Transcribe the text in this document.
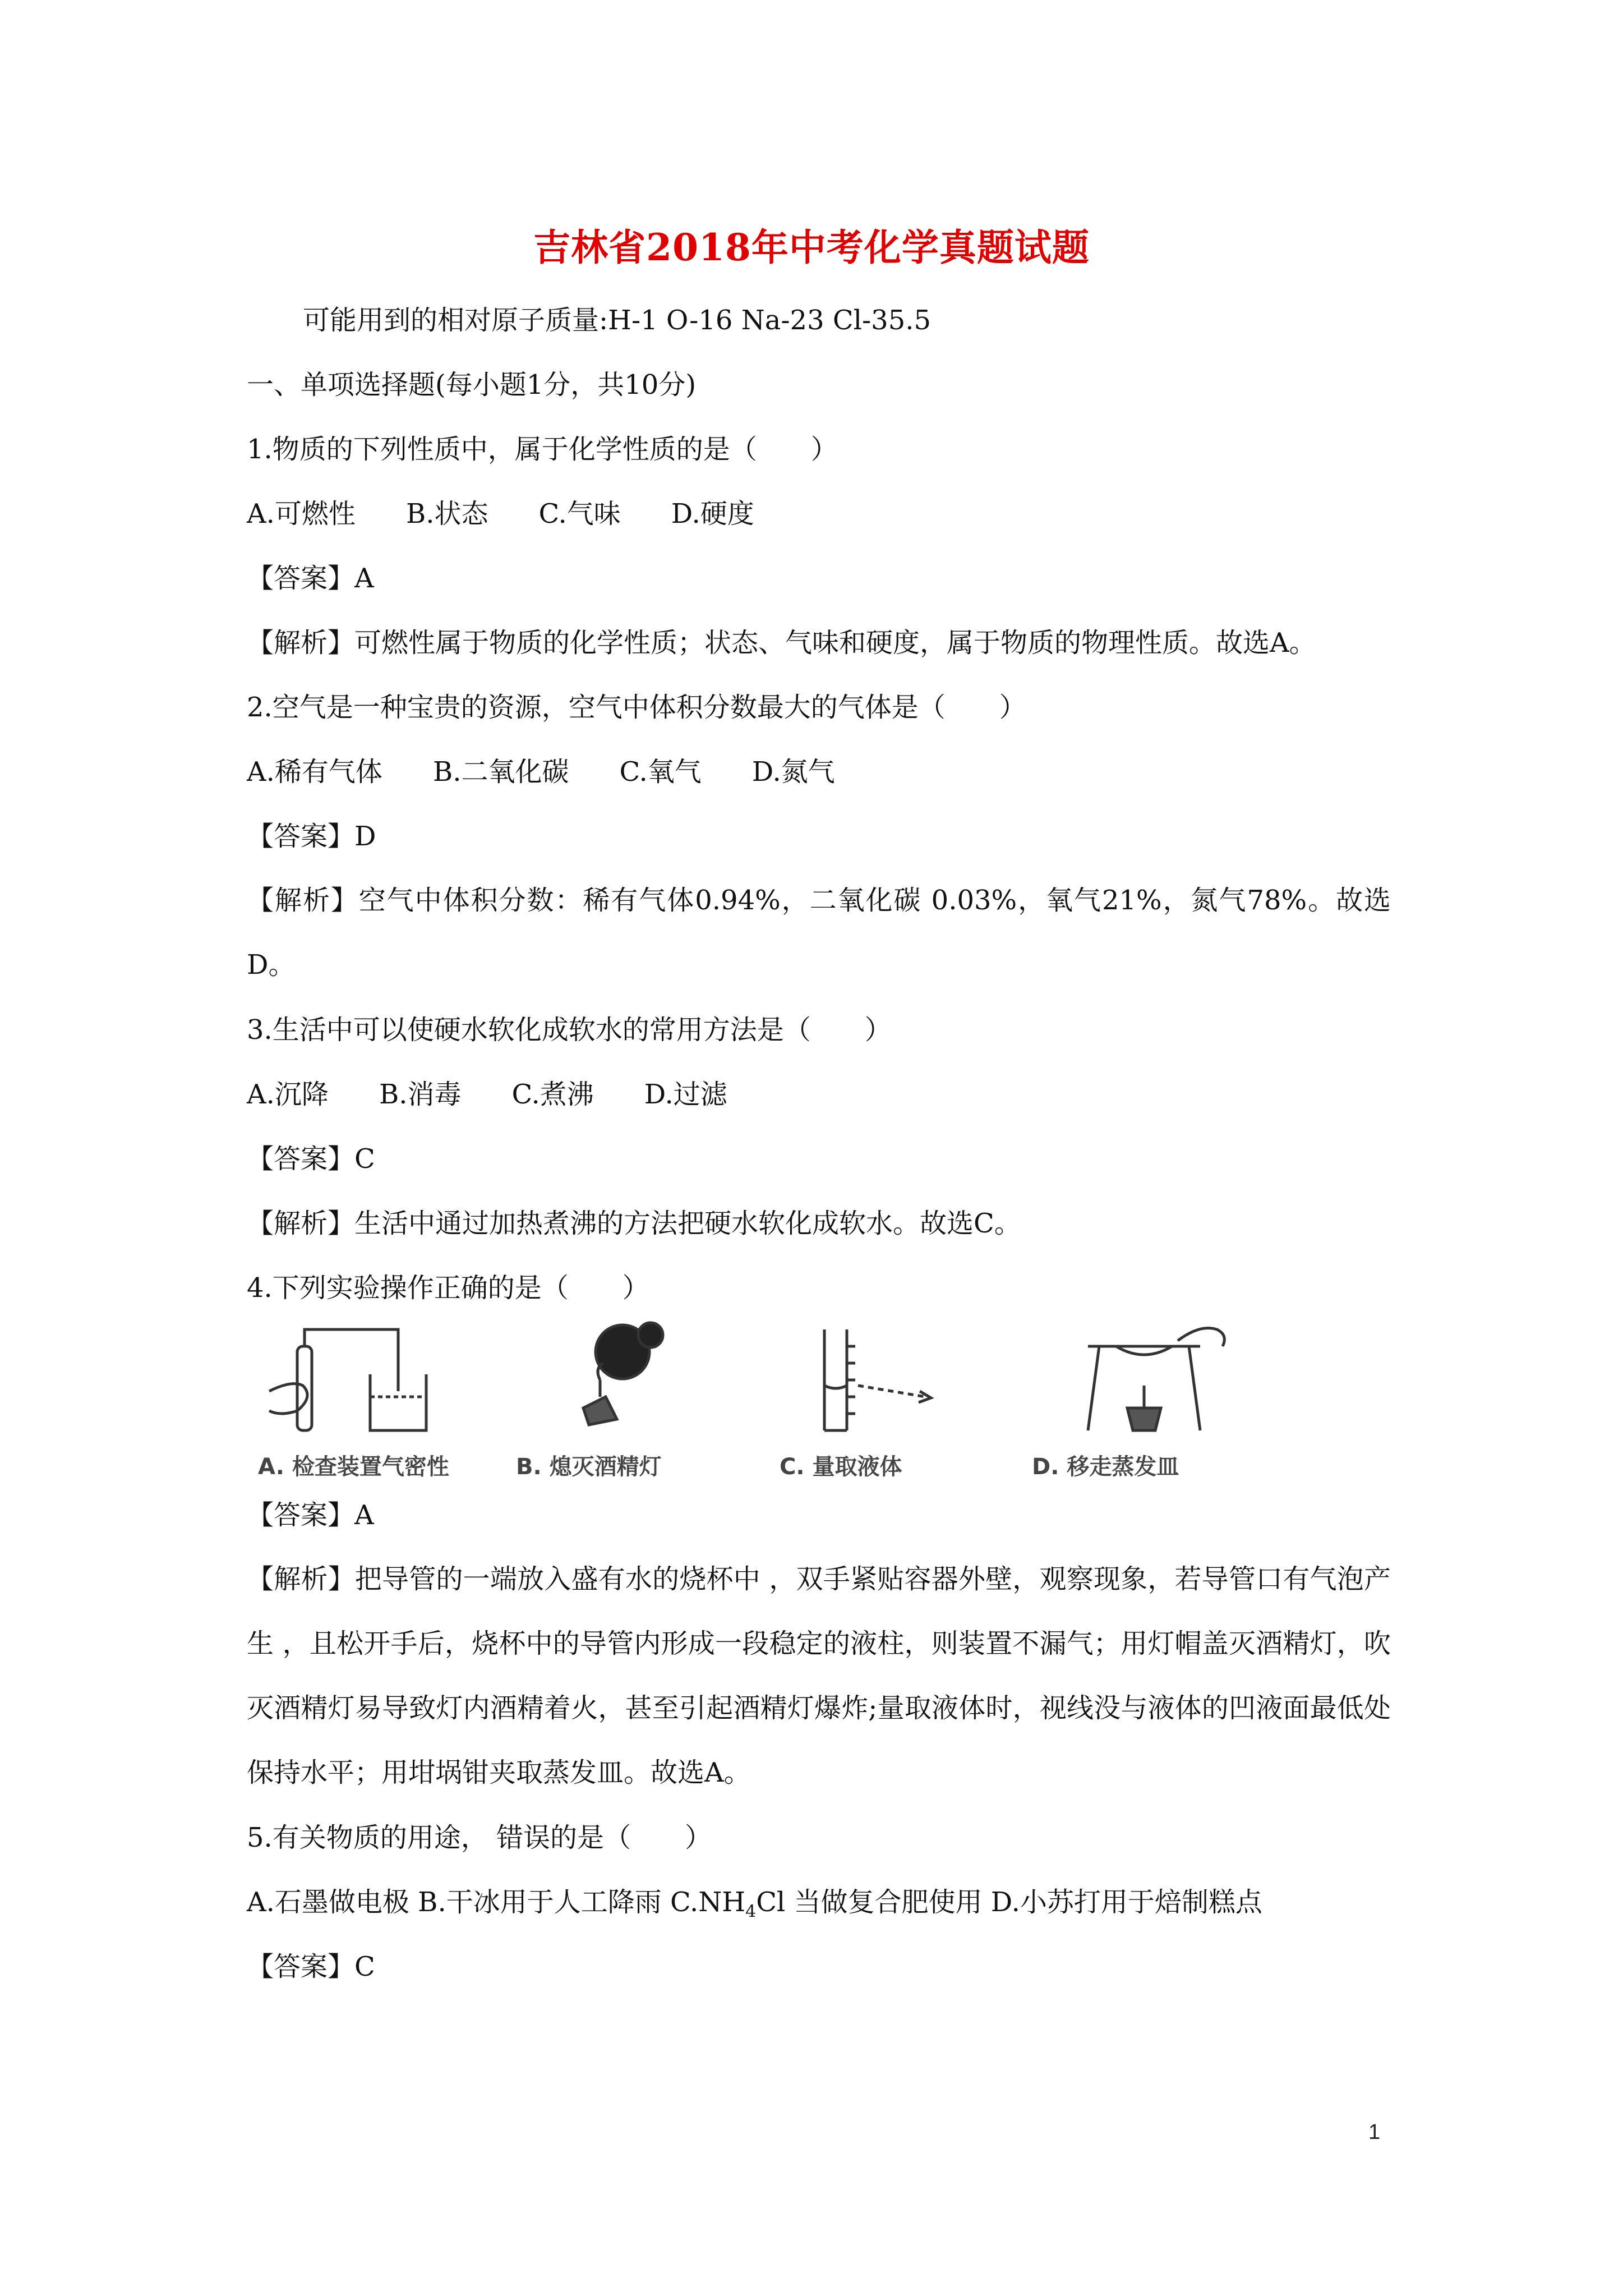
吉林省2018年中考化学真题试题
可能用到的相对原子质量:H-1 O-16 Na-23 Cl-35.5
一、单项选择题(每小题1分，共10分)
1.物质的下列性质中，属于化学性质的是（　　）
A.可燃性 B.状态 C.气味 D.硬度
【答案】A
【解析】可燃性属于物质的化学性质；状态、气味和硬度，属于物质的物理性质。故选A。
2.空气是一种宝贵的资源，空气中体积分数最大的气体是（　　）
A.稀有气体 B.二氧化碳 C.氧气 D.氮气
【答案】D
【解析】空气中体积分数：稀有气体0.94%，二氧化碳 0.03%，氧气21%，氮气78%。故选D。
3.生活中可以使硬水软化成软水的常用方法是（　　）
A.沉降 B.消毒 C.煮沸 D.过滤
【答案】C
【解析】生活中通过加热煮沸的方法把硬水软化成软水。故选C。
4.下列实验操作正确的是（　　）
A. 检查装置气密性	B. 熄灭酒精灯	C. 量取液体	D. 移走蒸发皿
【答案】A
【解析】把导管的一端放入盛有水的烧杯中 ，双手紧贴容器外壁，观察现象，若导管口有气泡产生 ，且松开手后，烧杯中的导管内形成一段稳定的液柱，则装置不漏气；用灯帽盖灭酒精灯，吹灭酒精灯易导致灯内酒精着火，甚至引起酒精灯爆炸;量取液体时，视线没与液体的凹液面最低处保持水平；用坩埚钳夹取蒸发皿。故选A。
5.有关物质的用途， 错误的是（　　）
A.石墨做电极 B.干冰用于人工降雨 $C.NH_4Cl$ 当做复合肥使用 D.小苏打用于焙制糕点
【答案】C
1
